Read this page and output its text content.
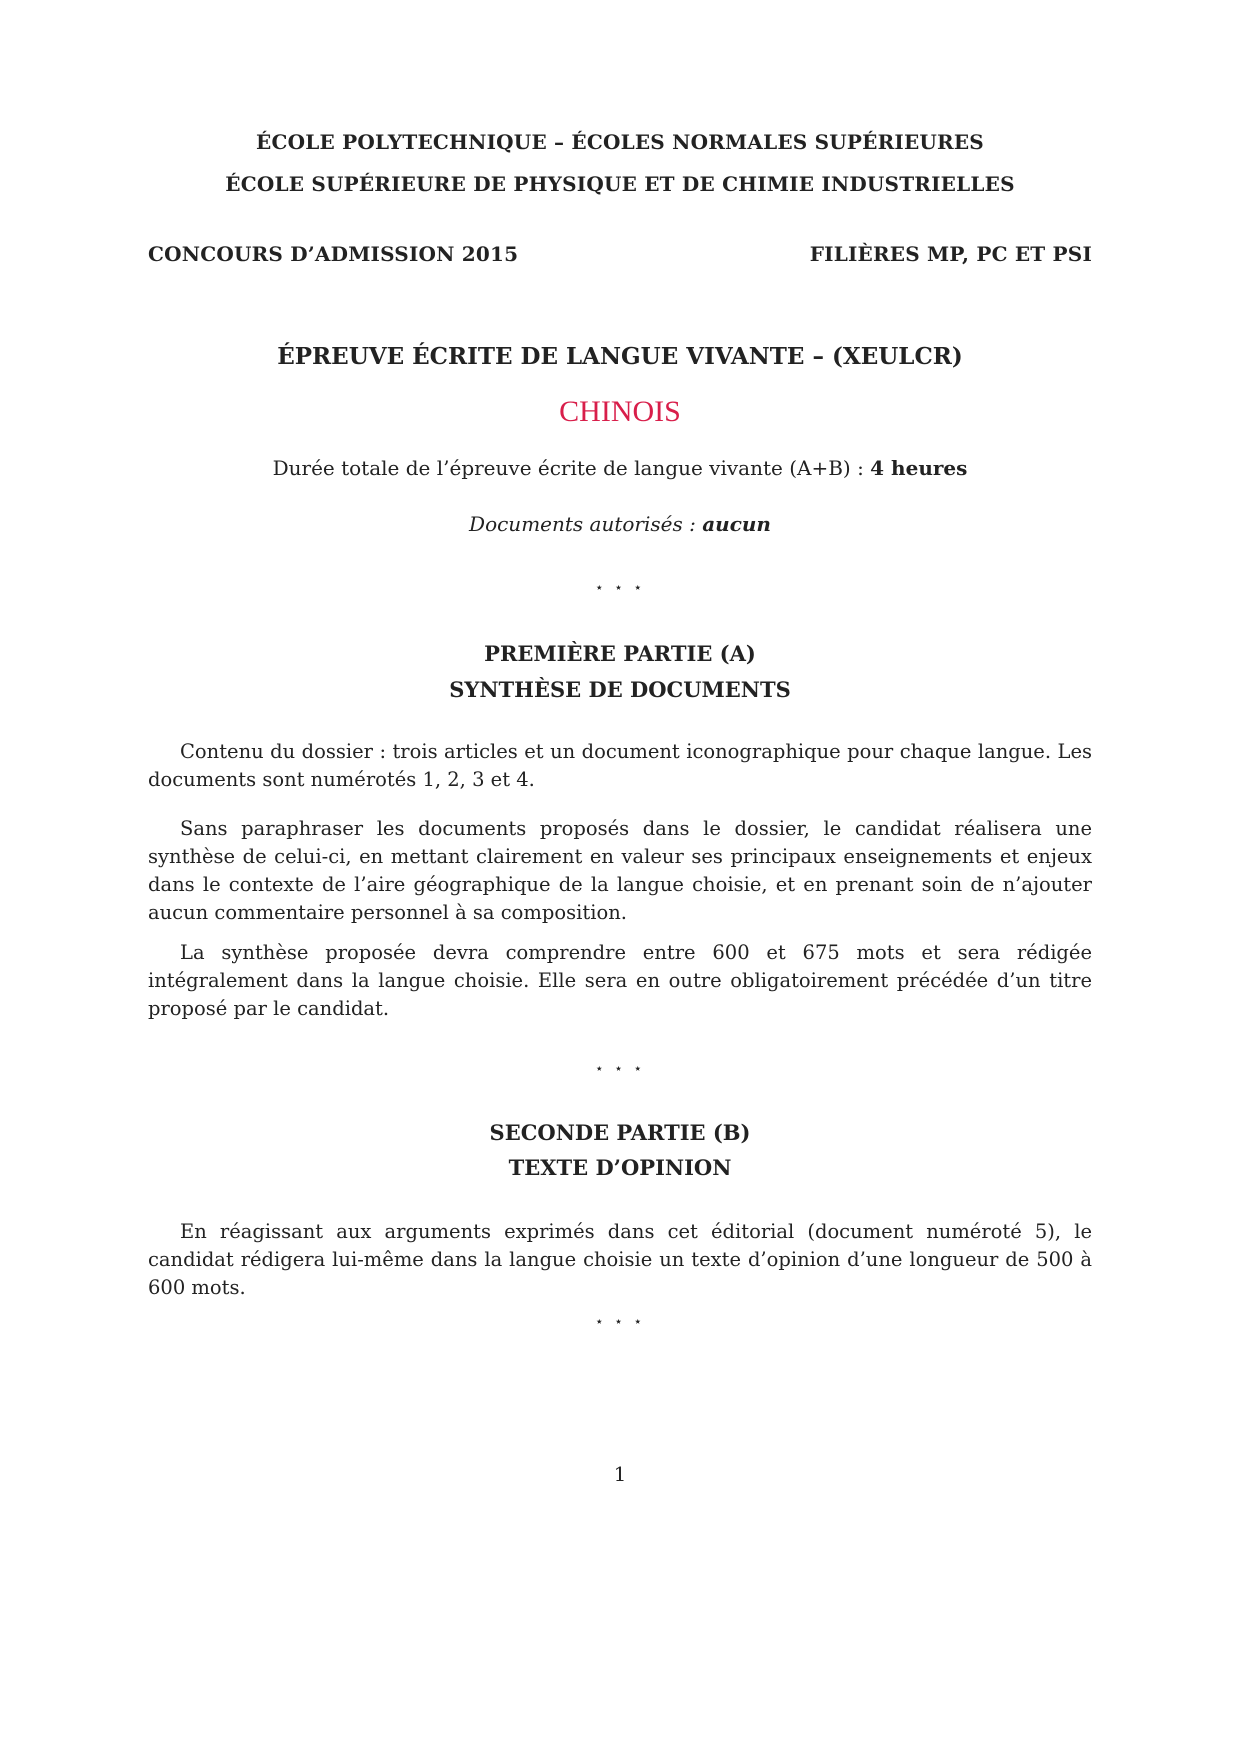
ÉCOLE POLYTECHNIQUE – ÉCOLES NORMALES SUPÉRIEURES
ÉCOLE SUPÉRIEURE DE PHYSIQUE ET DE CHIMIE INDUSTRIELLES
CONCOURS D’ADMISSION 2015	FILIÈRES MP, PC ET PSI
ÉPREUVE ÉCRITE DE LANGUE VIVANTE – (XEULCR)
CHINOIS
Durée totale de l’épreuve écrite de langue vivante (A+B) : 4 heures
Documents autorisés : aucun
⋆ ⋆ ⋆
PREMIÈRE PARTIE (A)
SYNTHÈSE DE DOCUMENTS
Contenu du dossier : trois articles et un document iconographique pour chaque langue. Les documents sont numérotés 1, 2, 3 et 4.
Sans paraphraser les documents proposés dans le dossier, le candidat réalisera une synthèse de celui-ci, en mettant clairement en valeur ses principaux enseignements et enjeux dans le contexte de l’aire géographique de la langue choisie, et en prenant soin de n’ajouter aucun commentaire personnel à sa composition.
La synthèse proposée devra comprendre entre 600 et 675 mots et sera rédigée intégralement dans la langue choisie. Elle sera en outre obligatoirement précédée d’un titre proposé par le candidat.
⋆ ⋆ ⋆
SECONDE PARTIE (B)
TEXTE D’OPINION
En réagissant aux arguments exprimés dans cet éditorial (document numéroté 5), le candidat rédigera lui-même dans la langue choisie un texte d’opinion d’une longueur de 500 à 600 mots.
⋆ ⋆ ⋆
1
